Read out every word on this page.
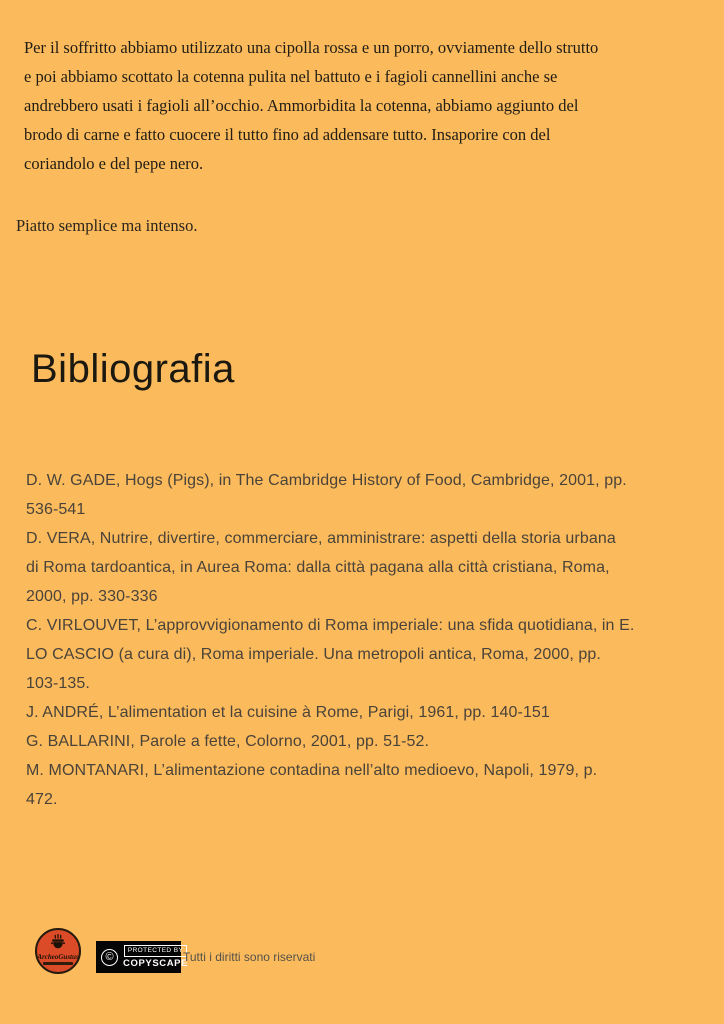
Per il soffritto abbiamo utilizzato una cipolla rossa e un porro, ovviamente dello strutto
e poi abbiamo scottato la cotenna pulita nel battuto e i fagioli cannellini anche se
andrebbero usati i fagioli all’occhio. Ammorbidita la cotenna, abbiamo aggiunto del
brodo di carne e fatto cuocere il tutto fino ad addensare tutto. Insaporire con del
coriandolo e del pepe nero.
Piatto semplice ma intenso.
Bibliografia
D. W. GADE, Hogs (Pigs), in The Cambridge History of Food, Cambridge, 2001, pp.
536-541
D. VERA, Nutrire, divertire, commerciare, amministrare: aspetti della storia urbana
di Roma tardoantica, in Aurea Roma: dalla città pagana alla città cristiana, Roma,
2000, pp. 330-336
C. VIRLOUVET, L’approvvigionamento di Roma imperiale: una sfida quotidiana, in E.
LO CASCIO (a cura di), Roma imperiale. Una metropoli antica, Roma, 2000, pp.
103-135.
J. ANDRÉ, L’alimentation et la cuisine à Rome, Parigi, 1961, pp. 140-151
G. BALLARINI, Parole a fette, Colorno, 2001, pp. 51-52.
M. MONTANARI, L’alimentazione contadina nell’alto medioevo, Napoli, 1979, p.
472.
ArcheoGustus	©
PROTECTED BY
COPYSCAPE
Tutti i diritti sono riservati
